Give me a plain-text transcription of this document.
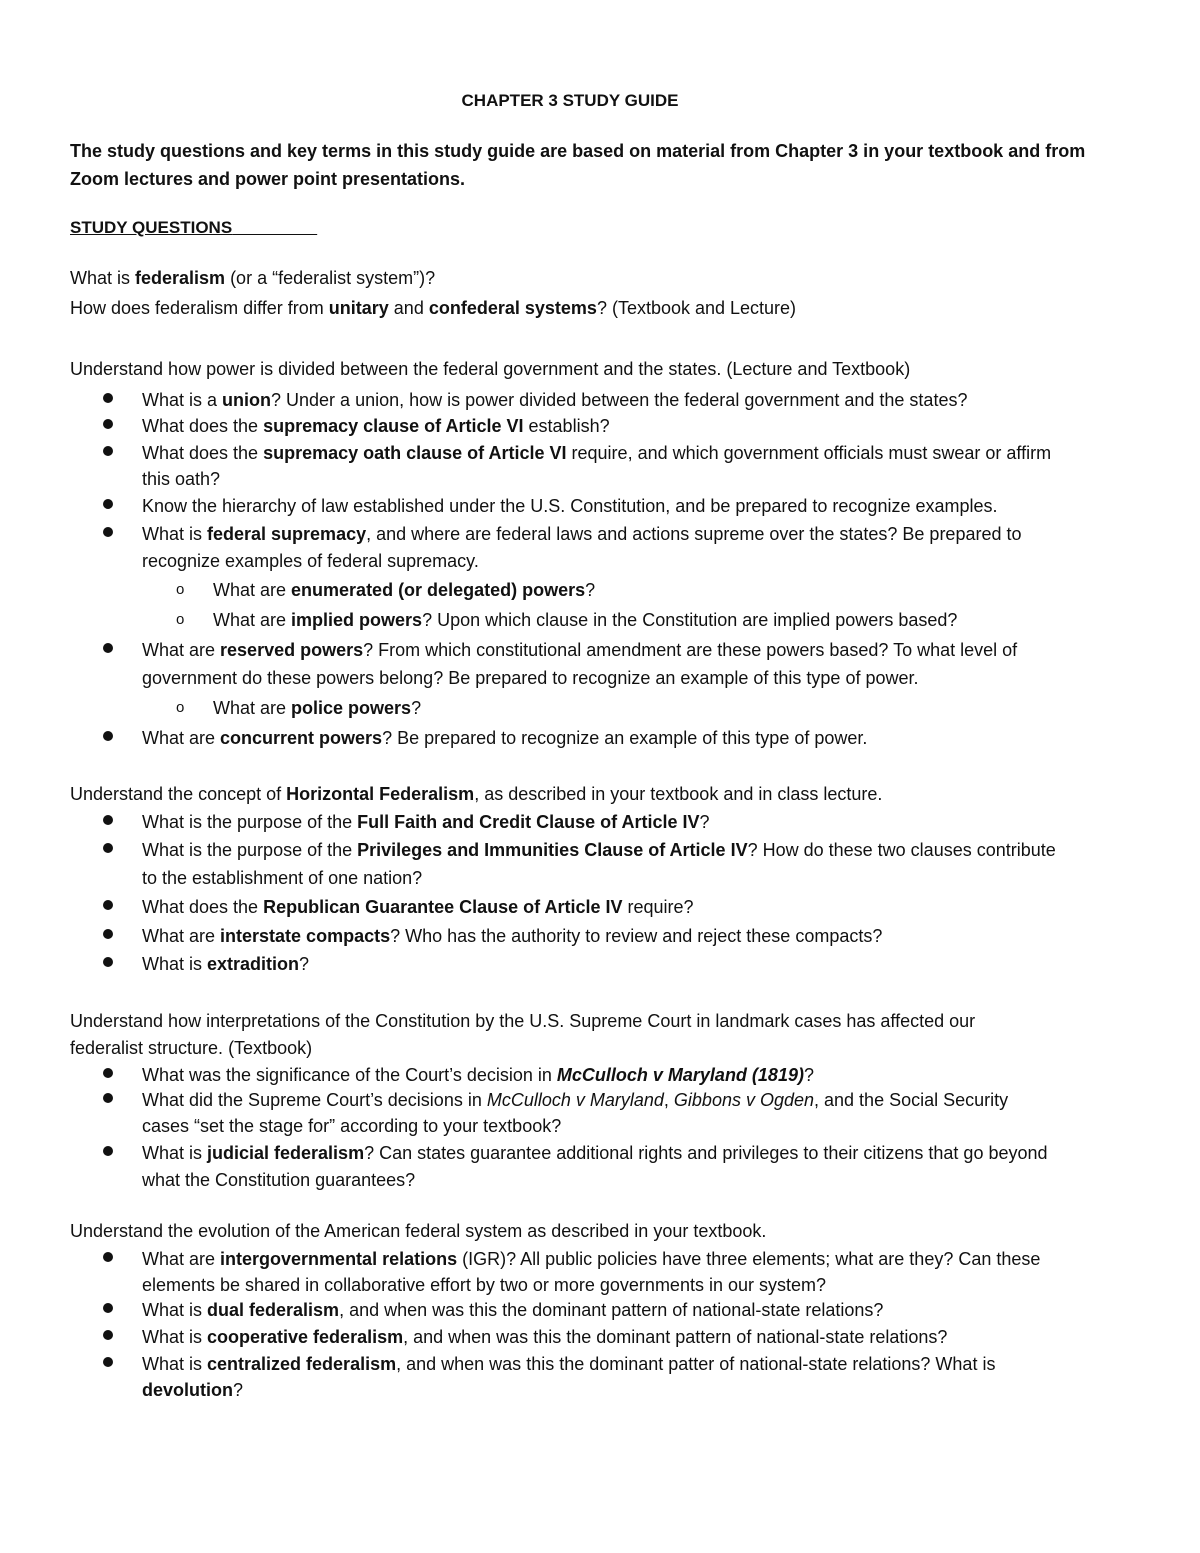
CHAPTER 3 STUDY GUIDE
The study questions and key terms in this study guide are based on material from Chapter 3 in your textbook and from
Zoom lectures and power point presentations.
STUDY QUESTIONS
What is federalism (or a “federalist system”)?
How does federalism differ from unitary and confederal systems? (Textbook and Lecture)
Understand how power is divided between the federal government and the states. (Lecture and Textbook)
What is a union? Under a union, how is power divided between the federal government and the states?
What does the supremacy clause of Article VI establish?
What does the supremacy oath clause of Article VI require, and which government officials must swear or affirm
this oath?
Know the hierarchy of law established under the U.S. Constitution, and be prepared to recognize examples.
What is federal supremacy, and where are federal laws and actions supreme over the states? Be prepared to
recognize examples of federal supremacy.
o What are enumerated (or delegated) powers?
o What are implied powers? Upon which clause in the Constitution are implied powers based?
What are reserved powers? From which constitutional amendment are these powers based? To what level of
government do these powers belong? Be prepared to recognize an example of this type of power.
o What are police powers?
What are concurrent powers? Be prepared to recognize an example of this type of power.
Understand the concept of Horizontal Federalism, as described in your textbook and in class lecture.
What is the purpose of the Full Faith and Credit Clause of Article IV?
What is the purpose of the Privileges and Immunities Clause of Article IV? How do these two clauses contribute
to the establishment of one nation?
What does the Republican Guarantee Clause of Article IV require?
What are interstate compacts? Who has the authority to review and reject these compacts?
What is extradition?
Understand how interpretations of the Constitution by the U.S. Supreme Court in landmark cases has affected our
federalist structure. (Textbook)
What was the significance of the Court’s decision in McCulloch v Maryland (1819)?
What did the Supreme Court’s decisions in McCulloch v Maryland, Gibbons v Ogden, and the Social Security
cases “set the stage for” according to your textbook?
What is judicial federalism? Can states guarantee additional rights and privileges to their citizens that go beyond
what the Constitution guarantees?
Understand the evolution of the American federal system as described in your textbook.
What are intergovernmental relations (IGR)? All public policies have three elements; what are they? Can these
elements be shared in collaborative effort by two or more governments in our system?
What is dual federalism, and when was this the dominant pattern of national-state relations?
What is cooperative federalism, and when was this the dominant pattern of national-state relations?
What is centralized federalism, and when was this the dominant patter of national-state relations? What is
devolution?
